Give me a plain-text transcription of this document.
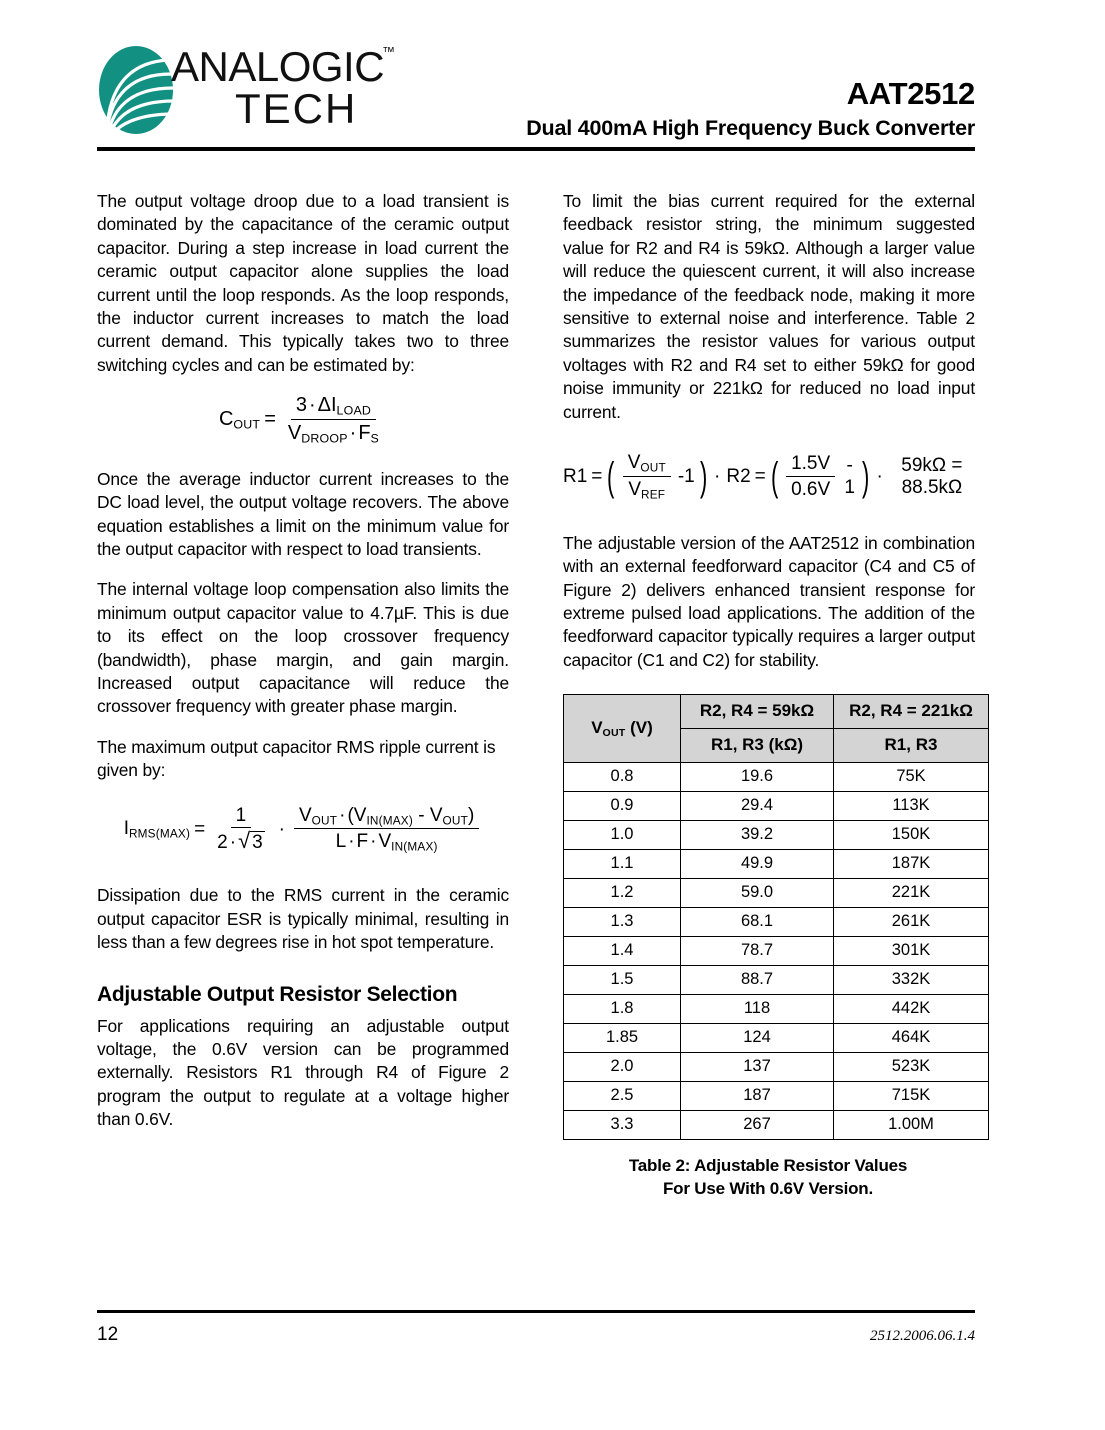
ANALOGIC
™
TECH	AAT2512
Dual 400mA High Frequency Buck Converter

The output voltage droop due to a load transient is dominated by the capacitance of the ceramic output capacitor. During a step increase in load current the ceramic output capacitor alone supplies the load current until the loop responds. As the loop responds, the inductor current increases to match the load current demand. This typically takes two to three switching cycles and can be estimated by:

$C_{OUT} = \frac{3 \cdot \Delta I_{LOAD}}{V_{DROOP} \cdot F_S}$

Once the average inductor current increases to the DC load level, the output voltage recovers. The above equation establishes a limit on the minimum value for the output capacitor with respect to load transients.

The internal voltage loop compensation also limits the minimum output capacitor value to 4.7µF. This is due to its effect on the loop crossover frequency (bandwidth), phase margin, and gain margin. Increased output capacitance will reduce the crossover frequency with greater phase margin.

The maximum output capacitor RMS ripple current is given by:

$I_{RMS(MAX)} = \frac{1}{2 \cdot √ 3} \cdot \frac{V_{OUT} \cdot (V_{IN(MAX)} - V_{OUT})}{L \cdot F \cdot V_{IN(MAX)}}$

Dissipation due to the RMS current in the ceramic output capacitor ESR is typically minimal, resulting in less than a few degrees rise in hot spot temperature.

Adjustable Output Resistor Selection

For applications requiring an adjustable output voltage, the 0.6V version can be programmed externally. Resistors R1 through R4 of Figure 2 program the output to regulate at a voltage higher than 0.6V.

To limit the bias current required for the external feedback resistor string, the minimum suggested value for R2 and R4 is 59kΩ. Although a larger value will reduce the quiescent current, it will also increase the impedance of the feedback node, making it more sensitive to external noise and interference. Table 2 summarizes the resistor values for various output voltages with R2 and R4 set to either 59kΩ for good noise immunity or 221kΩ for reduced no load input current.

R1 = ( $\frac{V_{OUT}}{V_{REF}} -1$ ) · R2 = ( $\frac{1.5V}{0.6V} - 1$ ) ·
59kΩ = 88.5kΩ

The adjustable version of the AAT2512 in combination with an external feedforward capacitor (C4 and C5 of Figure 2) delivers enhanced transient response for extreme pulsed load applications. The addition of the feedforward capacitor typically requires a larger output capacitor (C1 and C2) for stability.

$V_{OUT}$ (V)	R2, R4 = 59kΩ	R2, R4 = 221kΩ
	R1, R3 (kΩ)	R1, R3
0.8	19.6	75K
0.9	29.4	113K
1.0	39.2	150K
1.1	49.9	187K
1.2	59.0	221K
1.3	68.1	261K
1.4	78.7	301K
1.5	88.7	332K
1.8	118	442K
1.85	124	464K
2.0	137	523K
2.5	187	715K
3.3	267	1.00M
Table 2: Adjustable Resistor Values
For Use With 0.6V Version.
12	2512.2006.06.1.4
